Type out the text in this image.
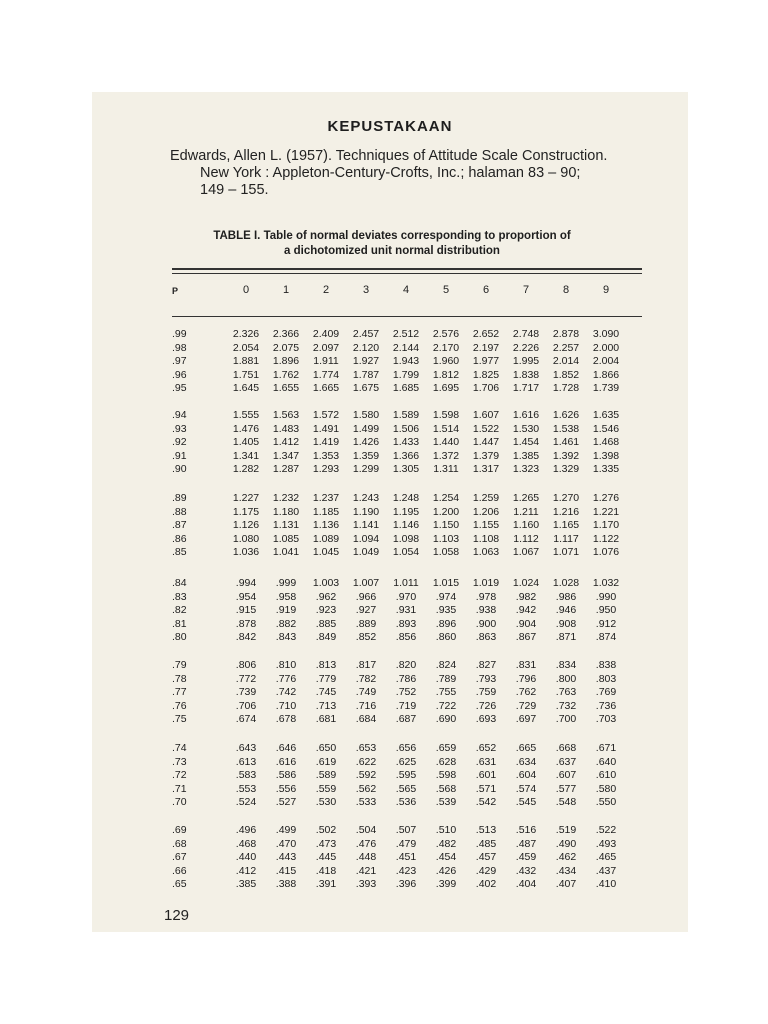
KEPUSTAKAAN
Edwards, Allen L. (1957). Techniques of Attitude Scale Construction.
New York : Appleton-Century-Crofts, Inc.; halaman 83 – 90;
149 – 155.
TABLE I. Table of normal deviates corresponding to proportion of
a dichotomized unit normal distribution
P	0	1	2	3	4	5	6	7	8	9
.99	2.326	2.366	2.409	2.457	2.512	2.576	2.652	2.748	2.878	3.090
.98	2.054	2.075	2.097	2.120	2.144	2.170	2.197	2.226	2.257	2.000
.97	1.881	1.896	1.911	1.927	1.943	1.960	1.977	1.995	2.014	2.004
.96	1.751	1.762	1.774	1.787	1.799	1.812	1.825	1.838	1.852	1.866
.95	1.645	1.655	1.665	1.675	1.685	1.695	1.706	1.717	1.728	1.739
.94	1.555	1.563	1.572	1.580	1.589	1.598	1.607	1.616	1.626	1.635
.93	1.476	1.483	1.491	1.499	1.506	1.514	1.522	1.530	1.538	1.546
.92	1.405	1.412	1.419	1.426	1.433	1.440	1.447	1.454	1.461	1.468
.91	1.341	1.347	1.353	1.359	1.366	1.372	1.379	1.385	1.392	1.398
.90	1.282	1.287	1.293	1.299	1.305	1.311	1.317	1.323	1.329	1.335
.89	1.227	1.232	1.237	1.243	1.248	1.254	1.259	1.265	1.270	1.276
.88	1.175	1.180	1.185	1.190	1.195	1.200	1.206	1.211	1.216	1.221
.87	1.126	1.131	1.136	1.141	1.146	1.150	1.155	1.160	1.165	1.170
.86	1.080	1.085	1.089	1.094	1.098	1.103	1.108	1.112	1.117	1.122
.85	1.036	1.041	1.045	1.049	1.054	1.058	1.063	1.067	1.071	1.076
.84	.994	.999	1.003	1.007	1.011	1.015	1.019	1.024	1.028	1.032
.83	.954	.958	.962	.966	.970	.974	.978	.982	.986	.990
.82	.915	.919	.923	.927	.931	.935	.938	.942	.946	.950
.81	.878	.882	.885	.889	.893	.896	.900	.904	.908	.912
.80	.842	.843	.849	.852	.856	.860	.863	.867	.871	.874
.79	.806	.810	.813	.817	.820	.824	.827	.831	.834	.838
.78	.772	.776	.779	.782	.786	.789	.793	.796	.800	.803
.77	.739	.742	.745	.749	.752	.755	.759	.762	.763	.769
.76	.706	.710	.713	.716	.719	.722	.726	.729	.732	.736
.75	.674	.678	.681	.684	.687	.690	.693	.697	.700	.703
.74	.643	.646	.650	.653	.656	.659	.652	.665	.668	.671
.73	.613	.616	.619	.622	.625	.628	.631	.634	.637	.640
.72	.583	.586	.589	.592	.595	.598	.601	.604	.607	.610
.71	.553	.556	.559	.562	.565	.568	.571	.574	.577	.580
.70	.524	.527	.530	.533	.536	.539	.542	.545	.548	.550
.69	.496	.499	.502	.504	.507	.510	.513	.516	.519	.522
.68	.468	.470	.473	.476	.479	.482	.485	.487	.490	.493
.67	.440	.443	.445	.448	.451	.454	.457	.459	.462	.465
.66	.412	.415	.418	.421	.423	.426	.429	.432	.434	.437
.65	.385	.388	.391	.393	.396	.399	.402	.404	.407	.410
129
